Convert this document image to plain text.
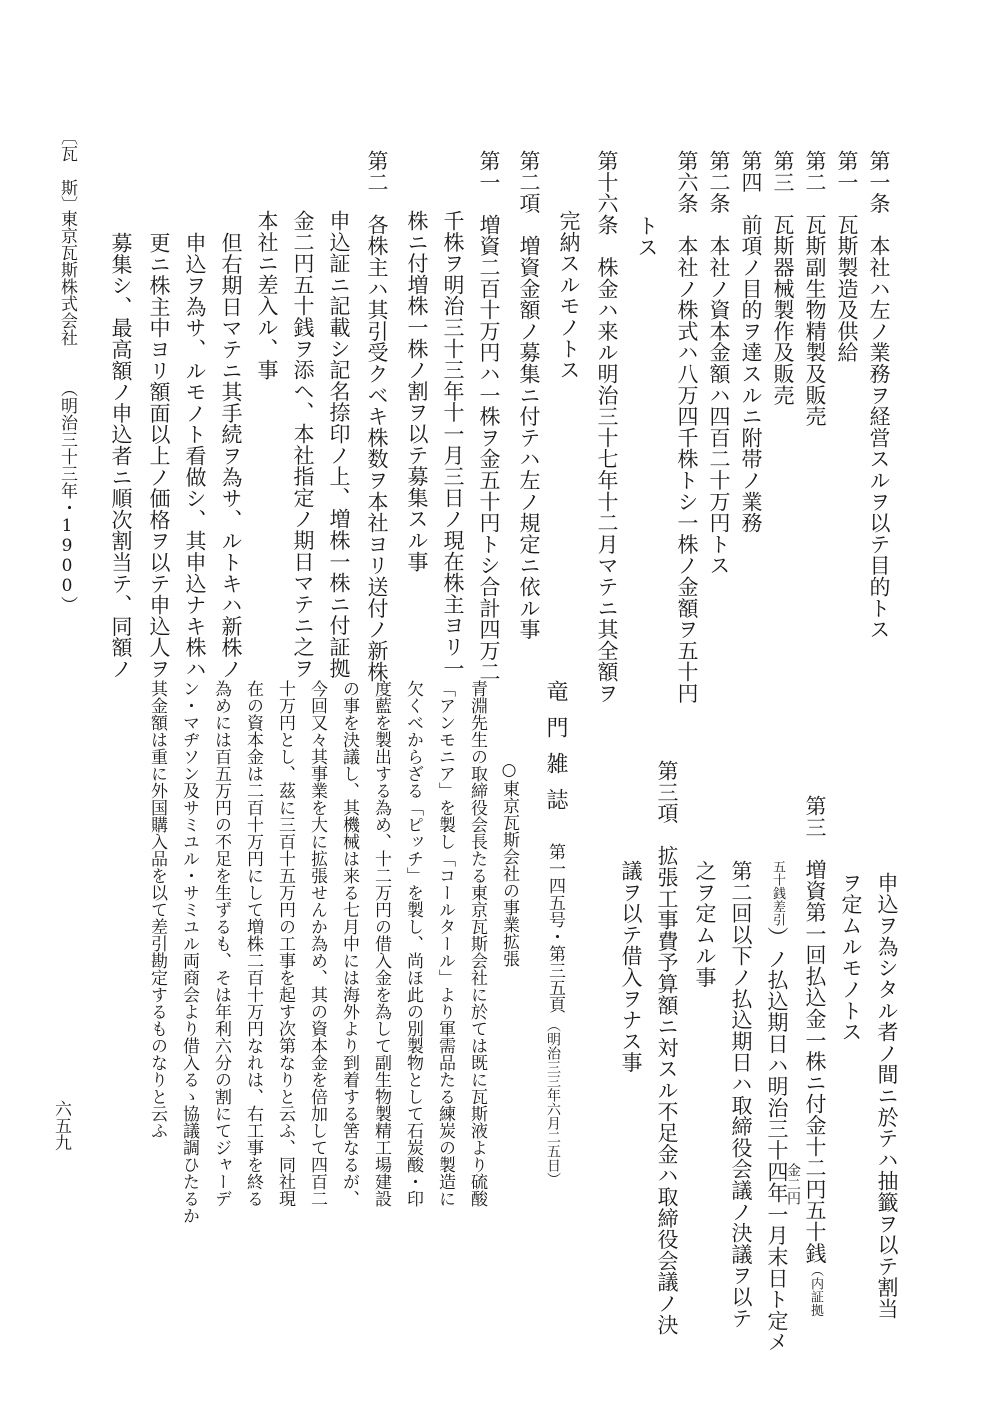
第一条　本社ハ左ノ業務ヲ経営スルヲ以テ目的トス
第一　瓦斯製造及供給
第二　瓦斯副生物精製及販売
第三　瓦斯器械製作及販売
第四　前項ノ目的ヲ達スルニ附帯ノ業務
第二条　本社ノ資本金額ハ四百二十万円トス
第六条　本社ノ株式ハ八万四千株トシ一株ノ金額ヲ五十円
トス
第十六条　株金ハ来ル明治三十七年十二月マテニ其全額ヲ
完納スルモノトス
第二項　増資金額ノ募集ニ付テハ左ノ規定ニ依ル事
第一　増資二百十万円ハ一株ヲ金五十円トシ合計四万二
千株ヲ明治三十三年十一月三日ノ現在株主ヨリ一
株ニ付増株一株ノ割ヲ以テ募集スル事
第二　各株主ハ其引受クベキ株数ヲ本社ヨリ送付ノ新株
申込証ニ記載シ記名捺印ノ上、増株一株ニ付証拠
金二円五十銭ヲ添ヘ、本社指定ノ期日マテニ之ヲ
本社ニ差入ル、事
但右期日マテニ其手続ヲ為サ、ルトキハ新株ノ
申込ヲ為サ、ルモノト看做シ、其申込ナキ株ハ
更ニ株主中ヨリ額面以上ノ価格ヲ以テ申込人ヲ
募集シ、最高額ノ申込者ニ順次割当テ、同額ノ
〔瓦　斯〕
東京瓦斯株式会社
（明治三十三年・1900）
申込ヲ為シタル者ノ間ニ於テハ抽籤ヲ以テ割当
ヲ定ムルモノトス
第三　増資第一回払込金一株ニ付金十二円五十銭（内証拠
金二円
五十銭差引）ノ払込期日ハ明治三十四年一月末日ト定メ
第二回以下ノ払込期日ハ取締役会議ノ決議ヲ以テ
之ヲ定ムル事
第三項　拡張工事費予算額ニ対スル不足金ハ取締役会議ノ決
議ヲ以テ借入ヲナス事
竜門雑誌
第一四五号・第三五頁
（明治三三年六月二五日）
○東京瓦斯会社の事業拡張
青淵先生の取締役会長たる東京瓦斯会社に於ては既に瓦斯液より硫酸
「アンモニア」を製し「コールタール」より軍需品たる練炭の製造に
欠くべからざる「ピッチ」を製し、尚ほ此の別製物として石炭酸・印
度藍を製出する為め、十二万円の借入金を為して副生物製精工場建設
の事を決議し、其機械は来る七月中には海外より到着する筈なるが、
今回又々其事業を大に拡張せんか為め、其の資本金を倍加して四百二
十万円とし、茲に三百十五万円の工事を起す次第なりと云ふ、同社現
在の資本金は二百十万円にして増株二百十万円なれは、右工事を終る
為めには百五万円の不足を生ずるも、そは年利六分の割にてジャーデ
ン・マヂソン及サミユル・サミユル両商会より借入るゝ協議調ひたるか
其金額は重に外国購入品を以て差引勘定するものなりと云ふ
六五九
